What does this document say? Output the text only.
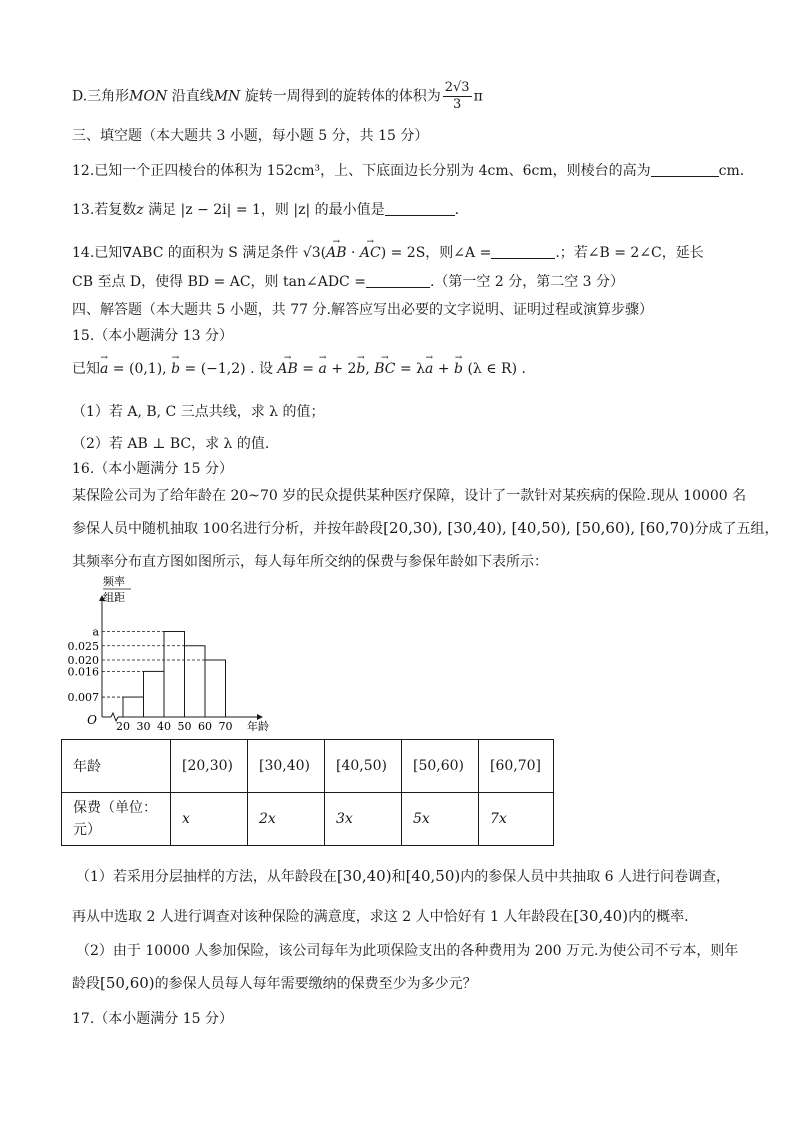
D.三角形MON 沿直线MN 旋转一周得到的旋转体的体积为 $\frac{2√3}{3}$ π
三、填空题（本大题共 3 小题，每小题 5 分，共 15 分）
12.已知一个正四棱台的体积为 152cm³，上、下底面边长分别为 4cm、6cm，则棱台的高为	cm．
13.若复数z 满足 |z − 2i| = 1，则 |z| 的最小值是	.
14.已知∇ABC 的面积为 S 满足条件 √3(→ AB · → AC) = 2S，则∠A =	.；若∠B = 2∠C，延长
CB 至点 D，使得 BD = AC，则 tan∠ADC =	.（第一空 2 分，第二空 3 分）
四、解答题（本大题共 5 小题，共 77 分.解答应写出必要的文字说明、证明过程或演算步骤）
15.（本小题满分 13 分）
已知→ a = (0,1), → b = (−1,2) . 设 → AB = → a + 2→ b, → BC = λ→ a + → b (λ ∈ R) .
（1）若 A, B, C 三点共线，求 λ 的值；
（2）若 AB ⊥ BC，求 λ 的值.
16.（本小题满分 15 分）
某保险公司为了给年龄在 20~70 岁的民众提供某种医疗保障，设计了一款针对某疾病的保险.现从 10000 名
参保人员中随机抽取 100名进行分析，并按年龄段[20,30), [30,40), [40,50), [50,60), [60,70)分成了五组，
其频率分布直方图如图所示，每人每年所交纳的保费与参保年龄如下表所示：
频率
组距
0.007
0.016
a
0.025
0.020
20 30 40 50 60 70
O	年龄
年龄	[20,30)	[30,40)	[40,50)	[50,60)	[60,70]
保费（单位：
元）	x	2x	3x	5x	7x
（1）若采用分层抽样的方法，从年龄段在[30,40)和[40,50)内的参保人员中共抽取 6 人进行问卷调查，
再从中选取 2 人进行调查对该种保险的满意度，求这 2 人中恰好有 1 人年龄段在[30,40)内的概率.
（2）由于 10000 人参加保险，该公司每年为此项保险支出的各种费用为 200 万元.为使公司不亏本，则年
龄段[50,60)的参保人员每人每年需要缴纳的保费至少为多少元？
17.（本小题满分 15 分）
